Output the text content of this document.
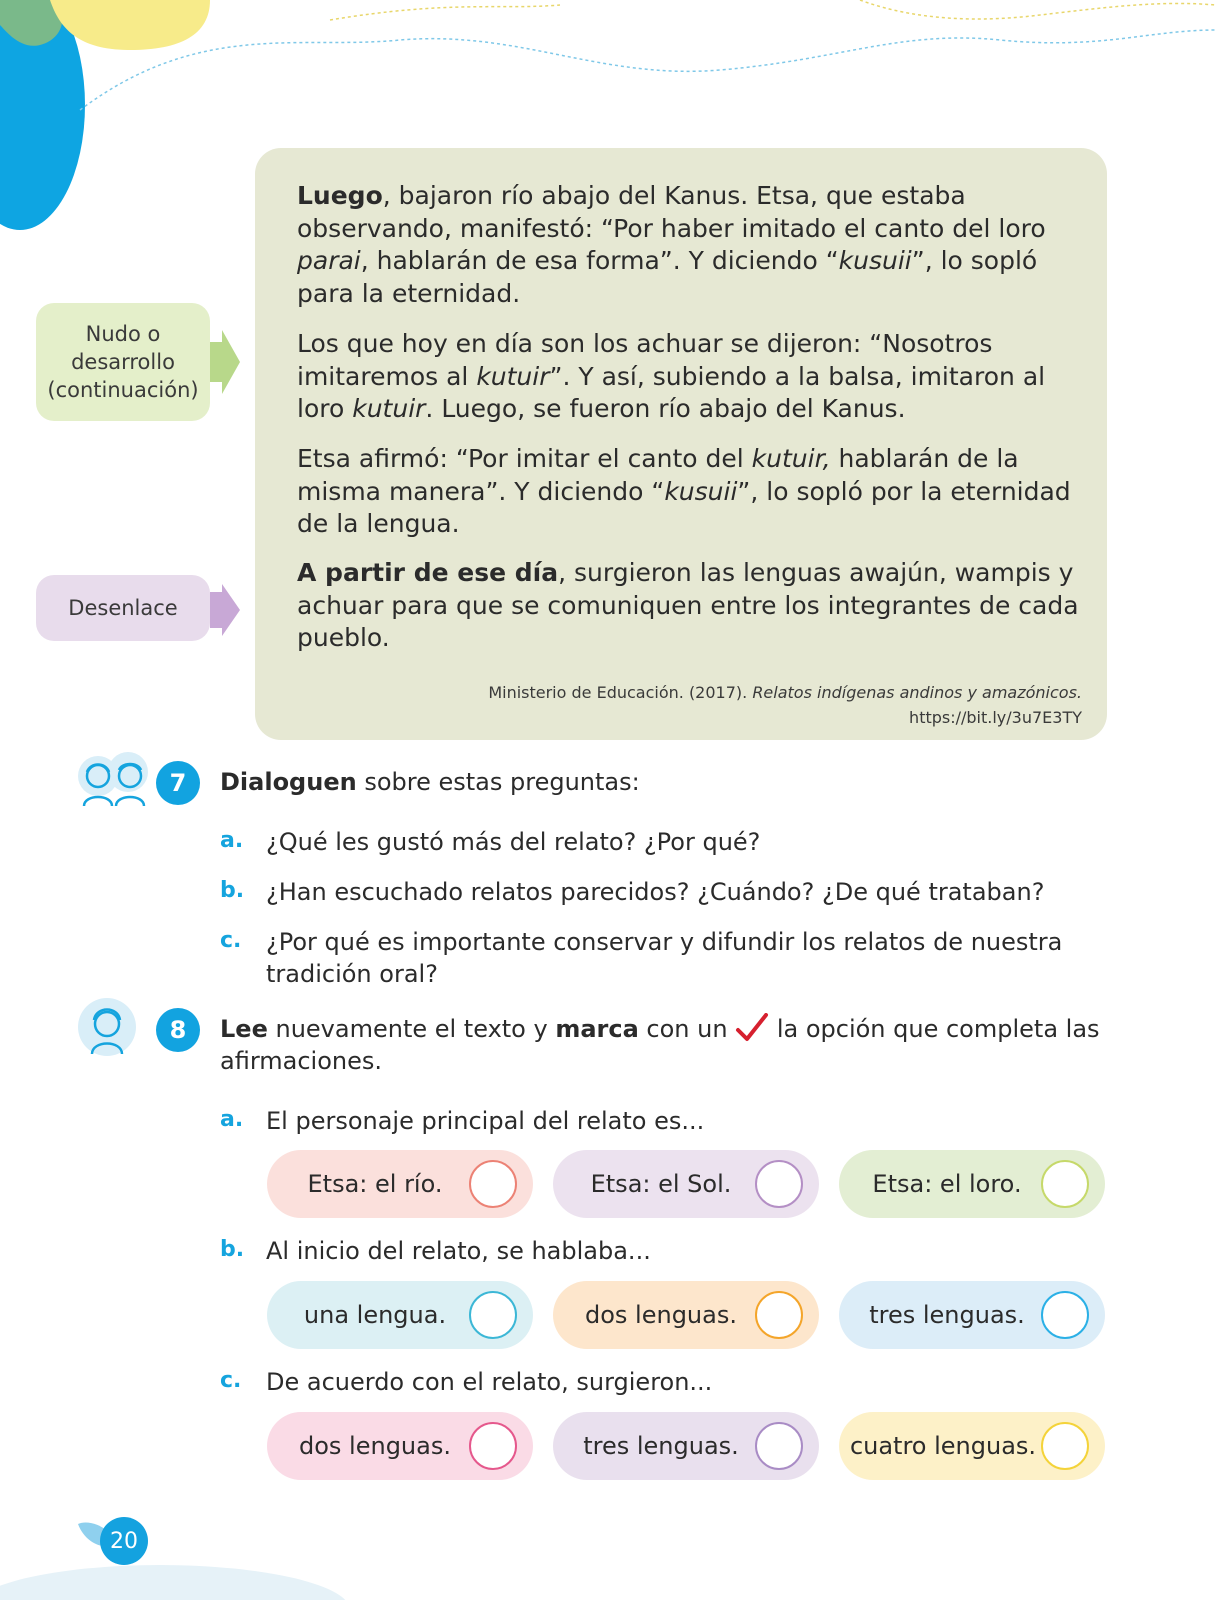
Luego, bajaron río abajo del Kanus. Etsa, que estaba observando, manifestó: “Por haber imitado el canto del loro parai, hablarán de esa forma”. Y diciendo “kusuii”, lo sopló para la eternidad.
Los que hoy en día son los achuar se dijeron: “Nosotros imitaremos al kutuir”. Y así, subiendo a la balsa, imitaron al loro kutuir. Luego, se fueron río abajo del Kanus.
Etsa afirmó: “Por imitar el canto del kutuir, hablarán de la misma manera”. Y diciendo “kusuii”, lo sopló por la eternidad de la lengua.
A partir de ese día, surgieron las lenguas awajún, wampis y achuar para que se comuniquen entre los integrantes de cada pueblo.
Ministerio de Educación. (2017). Relatos indígenas andinos y amazónicos.
https://bit.ly/3u7E3TY
Nudo o desarrollo (continuación)
Desenlace
7	Dialoguen sobre estas preguntas:
a. ¿Qué les gustó más del relato? ¿Por qué?
b. ¿Han escuchado relatos parecidos? ¿Cuándo? ¿De qué trataban?
c. ¿Por qué es importante conservar y difundir los relatos de nuestra tradición oral?
8	Lee nuevamente el texto y marca con un  la opción que completa las afirmaciones.
a. El personaje principal del relato es...
Etsa: el río.	Etsa: el Sol.	Etsa: el loro.
b. Al inicio del relato, se hablaba...
una lengua.	dos lenguas.	tres lenguas.
c. De acuerdo con el relato, surgieron...
dos lenguas.	tres lenguas.	cuatro lenguas.
20
